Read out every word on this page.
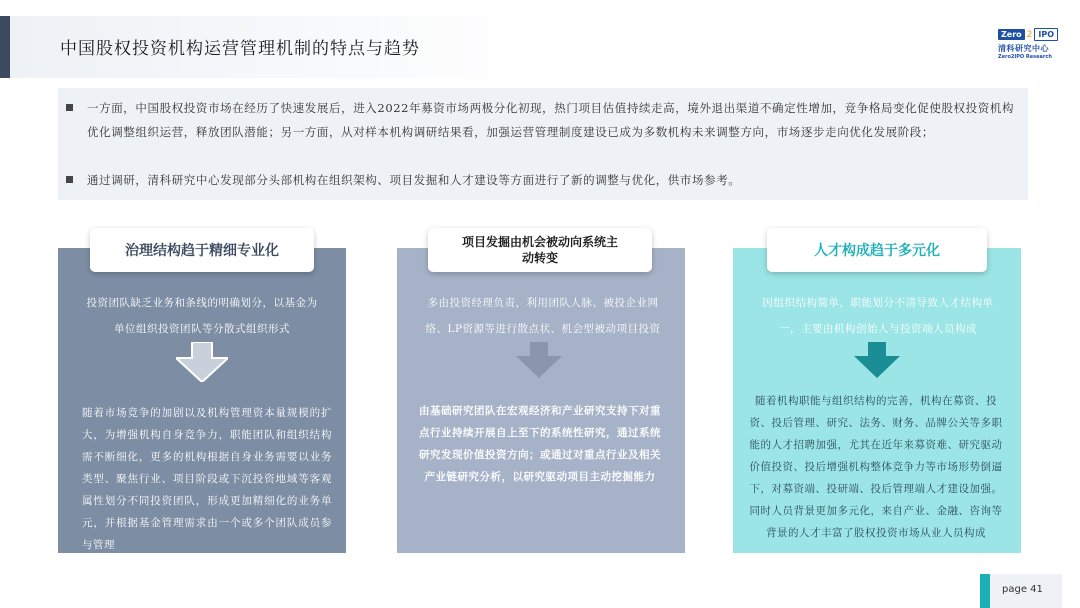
中国股权投资机构运营管理机制的特点与趋势
Zero 2 IPO
清科研究中心
Zero2IPO Research

一方面，中国股权投资市场在经历了快速发展后，进入2022年募资市场两极分化初现，热门项目估值持续走高，境外退出渠道不确定性增加，竞争格局变化促使股权投资机构优化调整组织运营，释放团队潜能；另一方面，从对样本机构调研结果看，加强运营管理制度建设已成为多数机构未来调整方向，市场逐步走向优化发展阶段；

通过调研，清科研究中心发现部分头部机构在组织架构、项目发掘和人才建设等方面进行了新的调整与优化，供市场参考。

治理结构趋于精细专业化
投资团队缺乏业务和条线的明确划分，以基金为单位组织投资团队等分散式组织形式
随着市场竞争的加剧以及机构管理资本量规模的扩大，为增强机构自身竞争力，职能团队和组织结构需不断细化，更多的机构根据自身业务需要以业务类型、聚焦行业、项目阶段或下沉投资地域等客观属性划分不同投资团队，形成更加精细化的业务单元，并根据基金管理需求由一个或多个团队成员参与管理
项目发掘由机会被动向系统主动转变
多由投资经理负责，利用团队人脉、被投企业网络、LP资源等进行散点状、机会型被动项目投资
由基础研究团队在宏观经济和产业研究支持下对重点行业持续开展自上至下的系统性研究，通过系统研究发现价值投资方向；或通过对重点行业及相关产业链研究分析，以研究驱动项目主动挖掘能力
人才构成趋于多元化
因组织结构简单，职能划分不清导致人才结构单一，主要由机构创始人与投资端人员构成
随着机构职能与组织结构的完善，机构在募资、投资、投后管理、研究、法务、财务、品牌公关等多职能的人才招聘加强，尤其在近年来募资难、研究驱动价值投资、投后增强机构整体竞争力等市场形势倒逼下，对募资端、投研端、投后管理端人才建设加强。同时人员背景更加多元化，来自产业、金融、咨询等背景的人才丰富了股权投资市场从业人员构成
page 41
